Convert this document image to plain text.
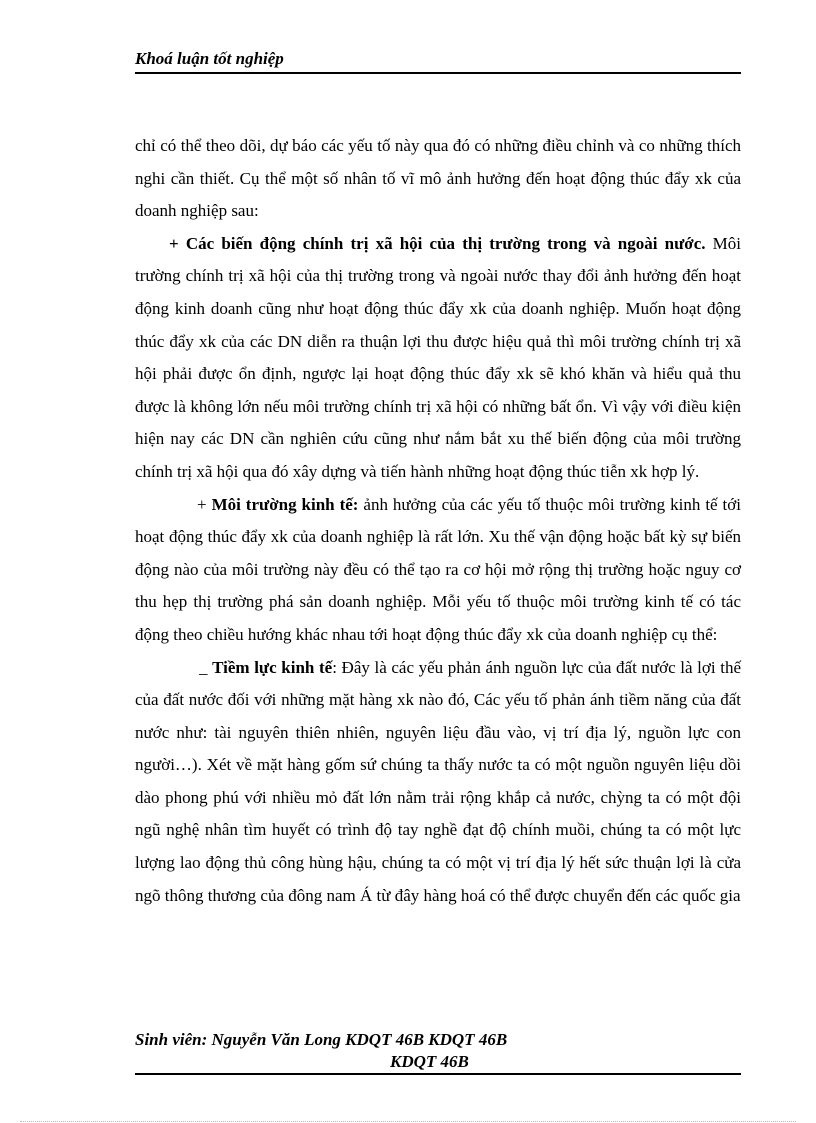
Khoá luận tốt nghiệp

chỉ có thể theo dõi, dự báo các yếu tố này qua đó có những điều chỉnh và co những thích nghi cần thiết. Cụ thể một số nhân tố vĩ mô ảnh hưởng đến hoạt động thúc đẩy xk của doanh nghiệp sau:

+ Các biến động chính trị xã hội của thị trường trong và ngoài nước. Môi trường chính trị xã hội của thị trường trong và ngoài nước thay đổi ảnh hưởng đến hoạt động kinh doanh cũng như hoạt động thúc đẩy xk của doanh nghiệp. Muốn hoạt động thúc đẩy xk của các DN diễn ra thuận lợi thu được hiệu quả thì môi trường chính trị xã hội phải được ổn định, ngược lại hoạt động thúc đẩy xk sẽ khó khăn và hiểu quả thu được là không lớn nếu môi trường chính trị xã hội có những bất ổn. Vì vậy với điều kiện hiện nay các DN cần nghiên cứu cũng như nắm bắt xu thế biến động của môi trường chính trị xã hội qua đó xây dựng và tiến hành những hoạt động thúc tiễn xk hợp lý.

+ Môi trường kinh tế: ảnh hưởng của các yếu tố thuộc môi trường kinh tế tới hoạt động thúc đẩy xk của doanh nghiệp là rất lớn. Xu thế vận động hoặc bất kỳ sự biến động nào của môi trường này đều có thể tạo ra cơ hội mở rộng thị trường hoặc nguy cơ thu hẹp thị trường phá sản doanh nghiệp. Mỗi yếu tố thuộc môi trường kinh tế có tác động theo chiều hướng khác nhau tới hoạt động thúc đẩy xk của doanh nghiệp cụ thể:

_ Tiềm lực kinh tế: Đây là các yếu phản ánh nguồn lực của đất nước là lợi thế của đất nước đối với những mặt hàng xk nào đó, Các yếu tố phản ánh tiềm năng của đất nước như: tài nguyên thiên nhiên, nguyên liệu đầu vào, vị trí địa lý, nguồn lực con người…). Xét về mặt hàng gốm sứ chúng ta thấy nước ta có một nguồn nguyên liệu dồi dào phong phú với nhiều mỏ đất lớn nằm trải rộng khắp cả nước, chỳng ta có một đội ngũ nghệ nhân tìm huyết có trình độ tay nghề đạt độ chính muồi, chúng ta có một lực lượng lao động thủ công hùng hậu, chúng ta có một vị trí địa lý hết sức thuận lợi là cửa ngõ thông thương của đông nam Á từ đây hàng hoá có thể được chuyển đến các quốc gia

Sinh viên: Nguyễn Văn Long KDQT 46B KDQT 46B
KDQT 46B
